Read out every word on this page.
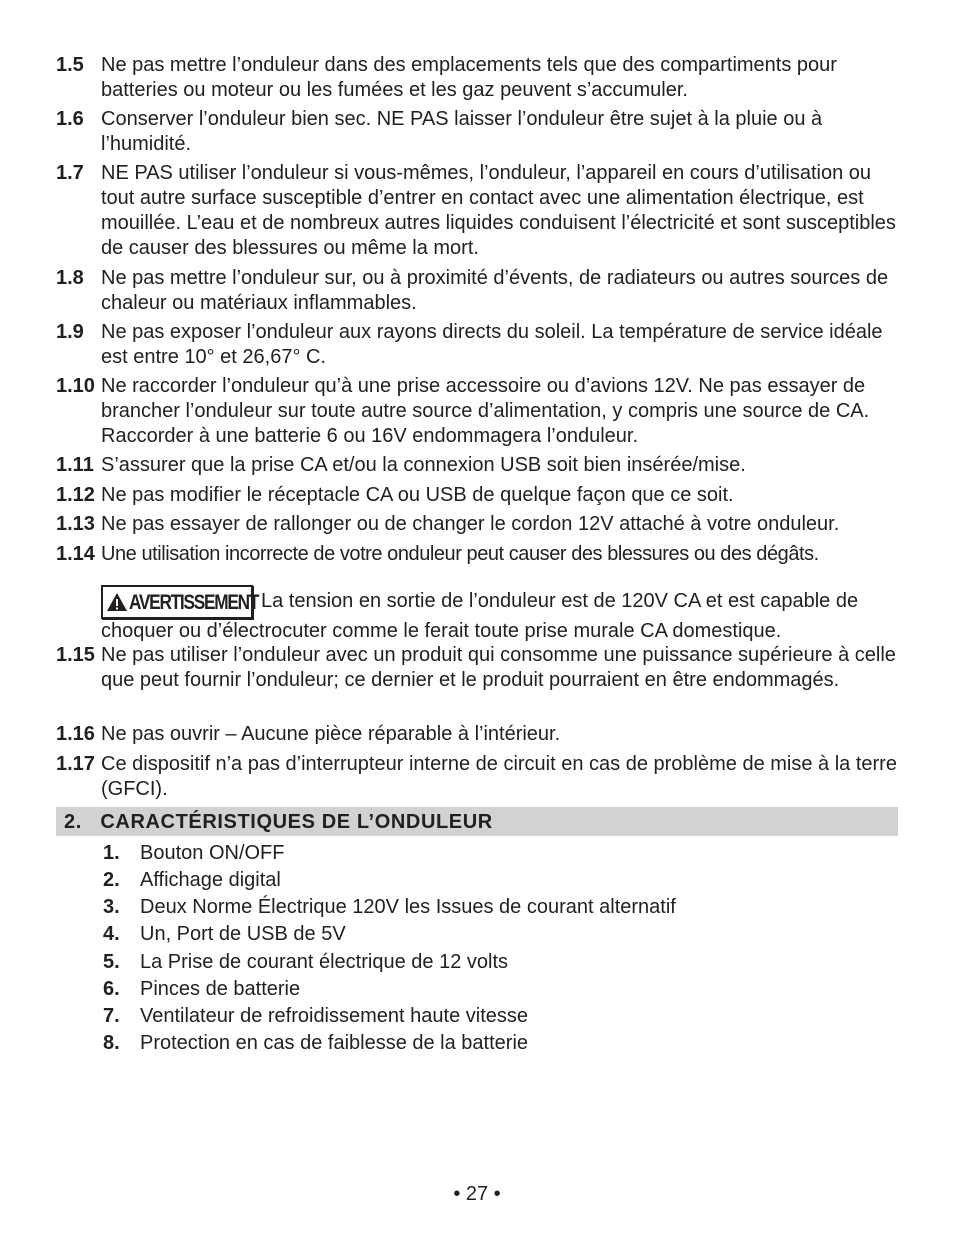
1.5 Ne pas mettre l’onduleur dans des emplacements tels que des compartiments pour batteries ou moteur ou les fumées et les gaz peuvent s’accumuler.
1.6 Conserver l’onduleur bien sec. NE PAS laisser l’onduleur être sujet à la pluie ou à l’humidité.
1.7 NE PAS utiliser l’onduleur si vous-mêmes, l’onduleur, l’appareil en cours d’utilisation ou tout autre surface susceptible d’entrer en contact avec une alimentation électrique, est mouillée. L’eau et de nombreux autres liquides conduisent l’électricité et sont susceptibles de causer des blessures ou même la mort.
1.8 Ne pas mettre l’onduleur sur, ou à proximité d’évents, de radiateurs ou autres sources de chaleur ou matériaux inflammables.
1.9 Ne pas exposer l’onduleur aux rayons directs du soleil. La température de service idéale est entre 10° et 26,67° C.
1.10 Ne raccorder l’onduleur qu’à une prise accessoire ou d’avions 12V. Ne pas essayer de brancher l’onduleur sur toute autre source d’alimentation, y compris une source de CA. Raccorder à une batterie 6 ou 16V endommagera l’onduleur.
1.11 S’assurer que la prise CA et/ou la connexion USB soit bien insérée/mise.
1.12 Ne pas modifier le réceptacle CA ou USB de quelque façon que ce soit.
1.13 Ne pas essayer de rallonger ou de changer le cordon 12V attaché à votre onduleur.
1.14 Une utilisation incorrecte de votre onduleur peut causer des blessures ou des dégâts.
AVERTISSEMENT La tension en sortie de l’onduleur est de 120V CA et est capable de choquer ou d’électrocuter comme le ferait toute prise murale CA domestique.
1.15 Ne pas utiliser l’onduleur avec un produit qui consomme une puissance supérieure à celle que peut fournir l’onduleur; ce dernier et le produit pourraient en être endommagés.
1.16 Ne pas ouvrir – Aucune pièce réparable à l’intérieur.
1.17 Ce dispositif n’a pas d’interrupteur interne de circuit en cas de problème de mise à la terre (GFCI).
2. CARACTÉRISTIQUES DE L’ONDULEUR
1. Bouton ON/OFF
2. Affichage digital
3. Deux Norme Électrique 120V les Issues de courant alternatif
4. Un, Port de USB de 5V
5. La Prise de courant électrique de 12 volts
6. Pinces de batterie
7. Ventilateur de refroidissement haute vitesse
8. Protection en cas de faiblesse de la batterie
• 27 •
